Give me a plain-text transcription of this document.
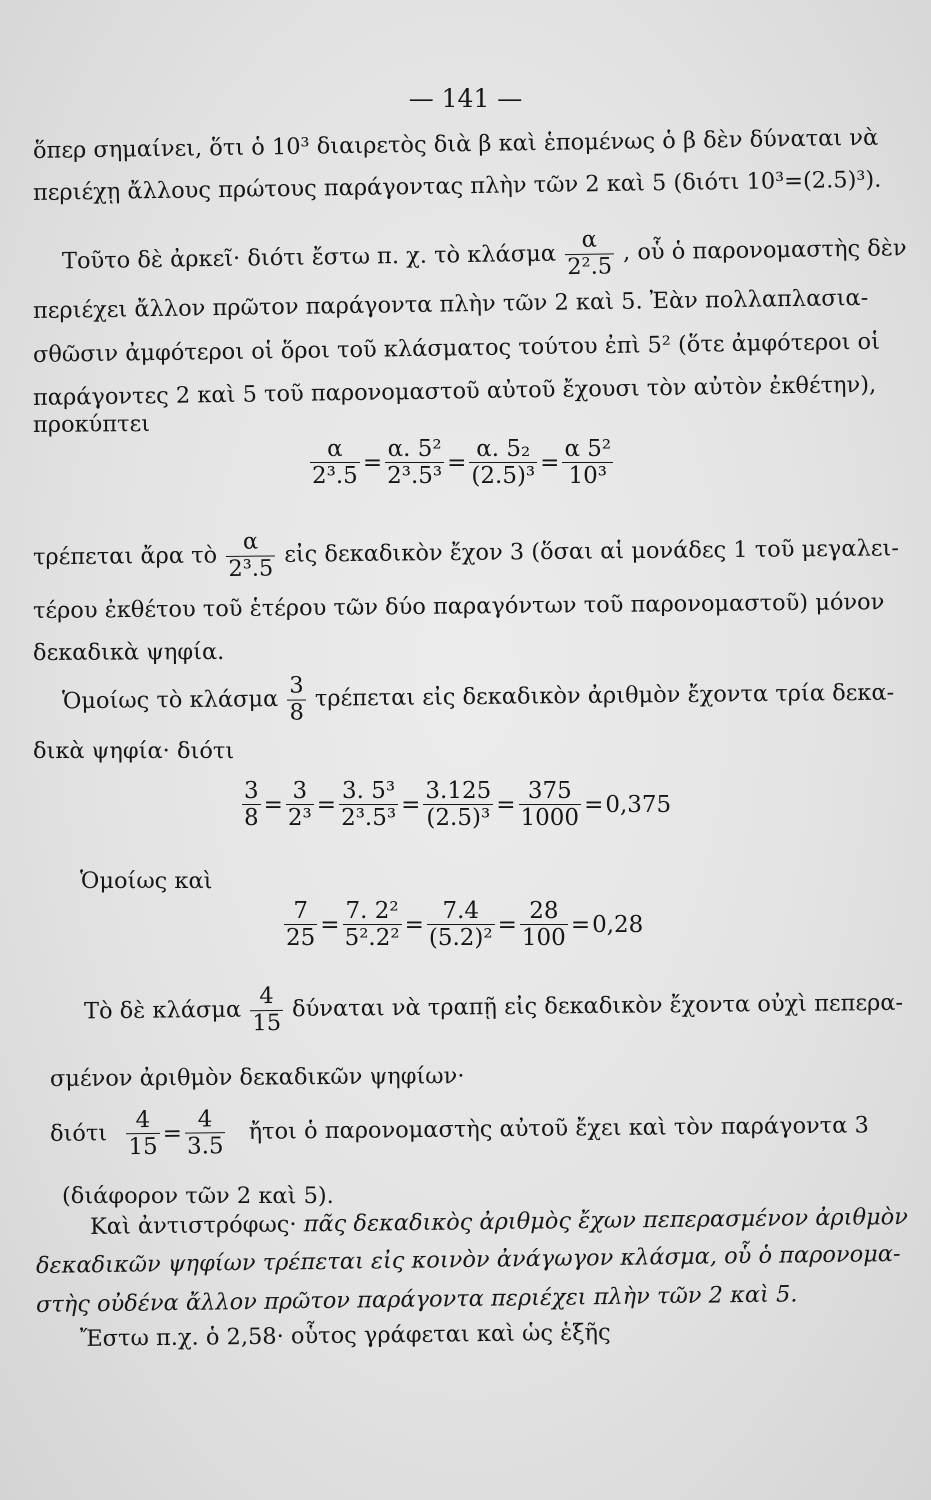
— 141 —
ὅπερ σημαίνει, ὅτι ὁ 10³ διαιρετὸς διὰ β καὶ ἑπομένως ὁ β δὲν δύναται νὰ
περιέχῃ ἄλλους πρώτους παράγοντας πλὴν τῶν 2 καὶ 5 (διότι 10³=(2.5)³).
Τοῦτο δὲ ἀρκεῖ· διότι ἔστω π. χ. τὸ κλάσμα $\frac{\alpha}{\text{2².5}}$ , οὗ ὁ παρονομαστὴς δὲν
περιέχει ἄλλον πρῶτον παράγοντα πλὴν τῶν 2 καὶ 5. Ἐὰν πολλαπλασια-
σθῶσιν ἀμφότεροι οἱ ὅροι τοῦ κλάσματος τούτου ἐπὶ 5² (ὅτε ἀμφότεροι οἱ
παράγοντες 2 καὶ 5 τοῦ παρονομαστοῦ αὐτοῦ ἔχουσι τὸν αὐτὸν ἐκθέτην),
προκύπτει
$\frac{\alpha}{\text{2³.5}} = \frac{\text{α. 5²}}{\text{2³.5³}} = \frac{\text{α. 5₂}}{\text{(2.5)³}} = \frac{\text{α 5²}}{\text{10³}}$
τρέπεται ἄρα τὸ $\frac{\alpha}{\text{2³.5}}$ εἰς δεκαδικὸν ἔχον 3 (ὅσαι αἱ μονάδες 1 τοῦ μεγαλει-
τέρου ἐκθέτου τοῦ ἑτέρου τῶν δύο παραγόντων τοῦ παρονομαστοῦ) μόνον
δεκαδικὰ ψηφία.
Ὁμοίως τὸ κλάσμα $\frac{3}{8}$ τρέπεται εἰς δεκαδικὸν ἀριθμὸν ἔχοντα τρία δεκα-
δικὰ ψηφία· διότι
$\frac{3}{8} = \frac{3}{\text{2³}} = \frac{\text{3. 5³}}{\text{2³.5³}} = \frac{3.125}{\text{(2.5)³}} = \frac{375}{1000} =0,375$
Ὁμοίως καὶ
$\frac{7}{25} = \frac{\text{7. 2²}}{\text{5².2²}} = \frac{7.4}{\text{(5.2)²}} = \frac{28}{100} =0,28$
Τὸ δὲ κλάσμα $\frac{4}{15}$ δύναται νὰ τραπῇ εἰς δεκαδικὸν ἔχοντα οὐχὶ πεπερα-
σμένον ἀριθμὸν δεκαδικῶν ψηφίων·
διότι $\frac{4}{15} = \frac{4}{3.5}$ ἤτοι ὁ παρονομαστὴς αὐτοῦ ἔχει καὶ τὸν παράγοντα 3
(διάφορον τῶν 2 καὶ 5).
Καὶ ἀντιστρόφως· πᾶς δεκαδικὸς ἀριθμὸς ἔχων πεπερασμένον ἀριθμὸν
δεκαδικῶν ψηφίων τρέπεται εἰς κοινὸν ἀνάγωγον κλάσμα, οὗ ὁ παρονομα-
στὴς οὐδένα ἄλλον πρῶτον παράγοντα περιέχει πλὴν τῶν 2 καὶ 5.
Ἔστω π.χ. ὁ 2,58· οὗτος γράφεται καὶ ὡς ἑξῆς
